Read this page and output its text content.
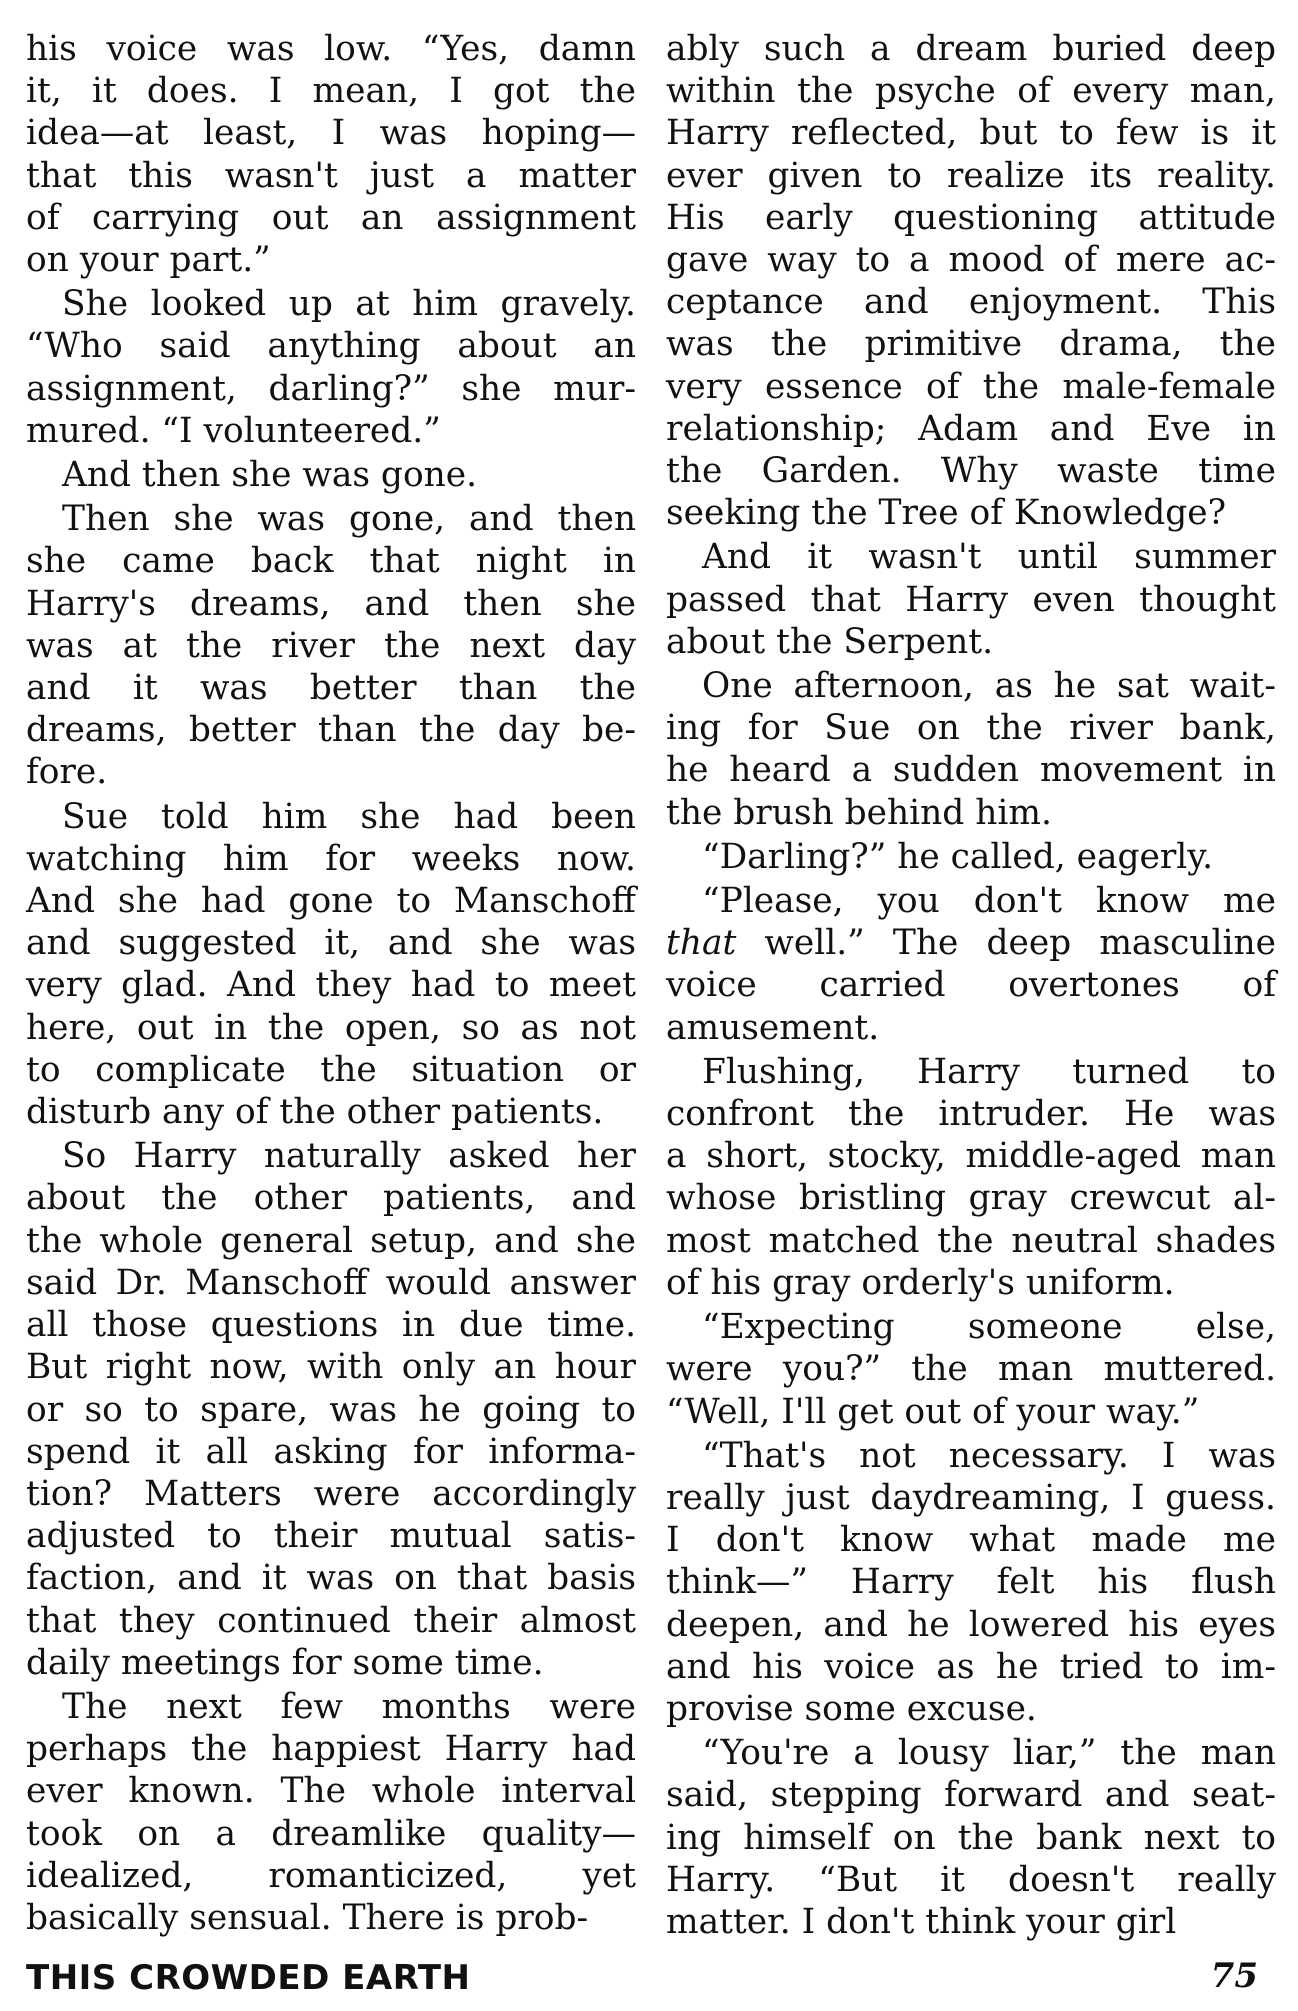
his voice was low. “Yes, damn
it, it does. I mean, I got the
idea—at least, I was hoping—
that this wasn't just a matter
of carrying out an assignment
on your part.”

She looked up at him gravely.
“Who said anything about an
assignment, darling?” she mur-
mured. “I volunteered.”

And then she was gone.

Then she was gone, and then
she came back that night in
Harry's dreams, and then she
was at the river the next day
and it was better than the
dreams, better than the day be-
fore.

Sue told him she had been
watching him for weeks now.
And she had gone to Manschoff
and suggested it, and she was
very glad. And they had to meet
here, out in the open, so as not
to complicate the situation or
disturb any of the other patients.

So Harry naturally asked her
about the other patients, and
the whole general setup, and she
said Dr. Manschoff would answer
all those questions in due time.
But right now, with only an hour
or so to spare, was he going to
spend it all asking for informa-
tion? Matters were accordingly
adjusted to their mutual satis-
faction, and it was on that basis
that they continued their almost
daily meetings for some time.

The next few months were
perhaps the happiest Harry had
ever known. The whole interval
took on a dreamlike quality—
idealized, romanticized, yet
basically sensual. There is prob-

ably such a dream buried deep
within the psyche of every man,
Harry reflected, but to few is it
ever given to realize its reality.
His early questioning attitude
gave way to a mood of mere ac-
ceptance and enjoyment. This
was the primitive drama, the
very essence of the male-female
relationship; Adam and Eve in
the Garden. Why waste time
seeking the Tree of Knowledge?

And it wasn't until summer
passed that Harry even thought
about the Serpent.

One afternoon, as he sat wait-
ing for Sue on the river bank,
he heard a sudden movement in
the brush behind him.

“Darling?” he called, eagerly.

“Please, you don't know me
that well.” The deep masculine
voice carried overtones of
amusement.

Flushing, Harry turned to
confront the intruder. He was
a short, stocky, middle-aged man
whose bristling gray crewcut al-
most matched the neutral shades
of his gray orderly's uniform.

“Expecting someone else,
were you?” the man muttered.
“Well, I'll get out of your way.”

“That's not necessary. I was
really just daydreaming, I guess.
I don't know what made me
think—” Harry felt his flush
deepen, and he lowered his eyes
and his voice as he tried to im-
provise some excuse.

“You're a lousy liar,” the man
said, stepping forward and seat-
ing himself on the bank next to
Harry. “But it doesn't really
matter. I don't think your girl

THIS CROWDED EARTH	75
